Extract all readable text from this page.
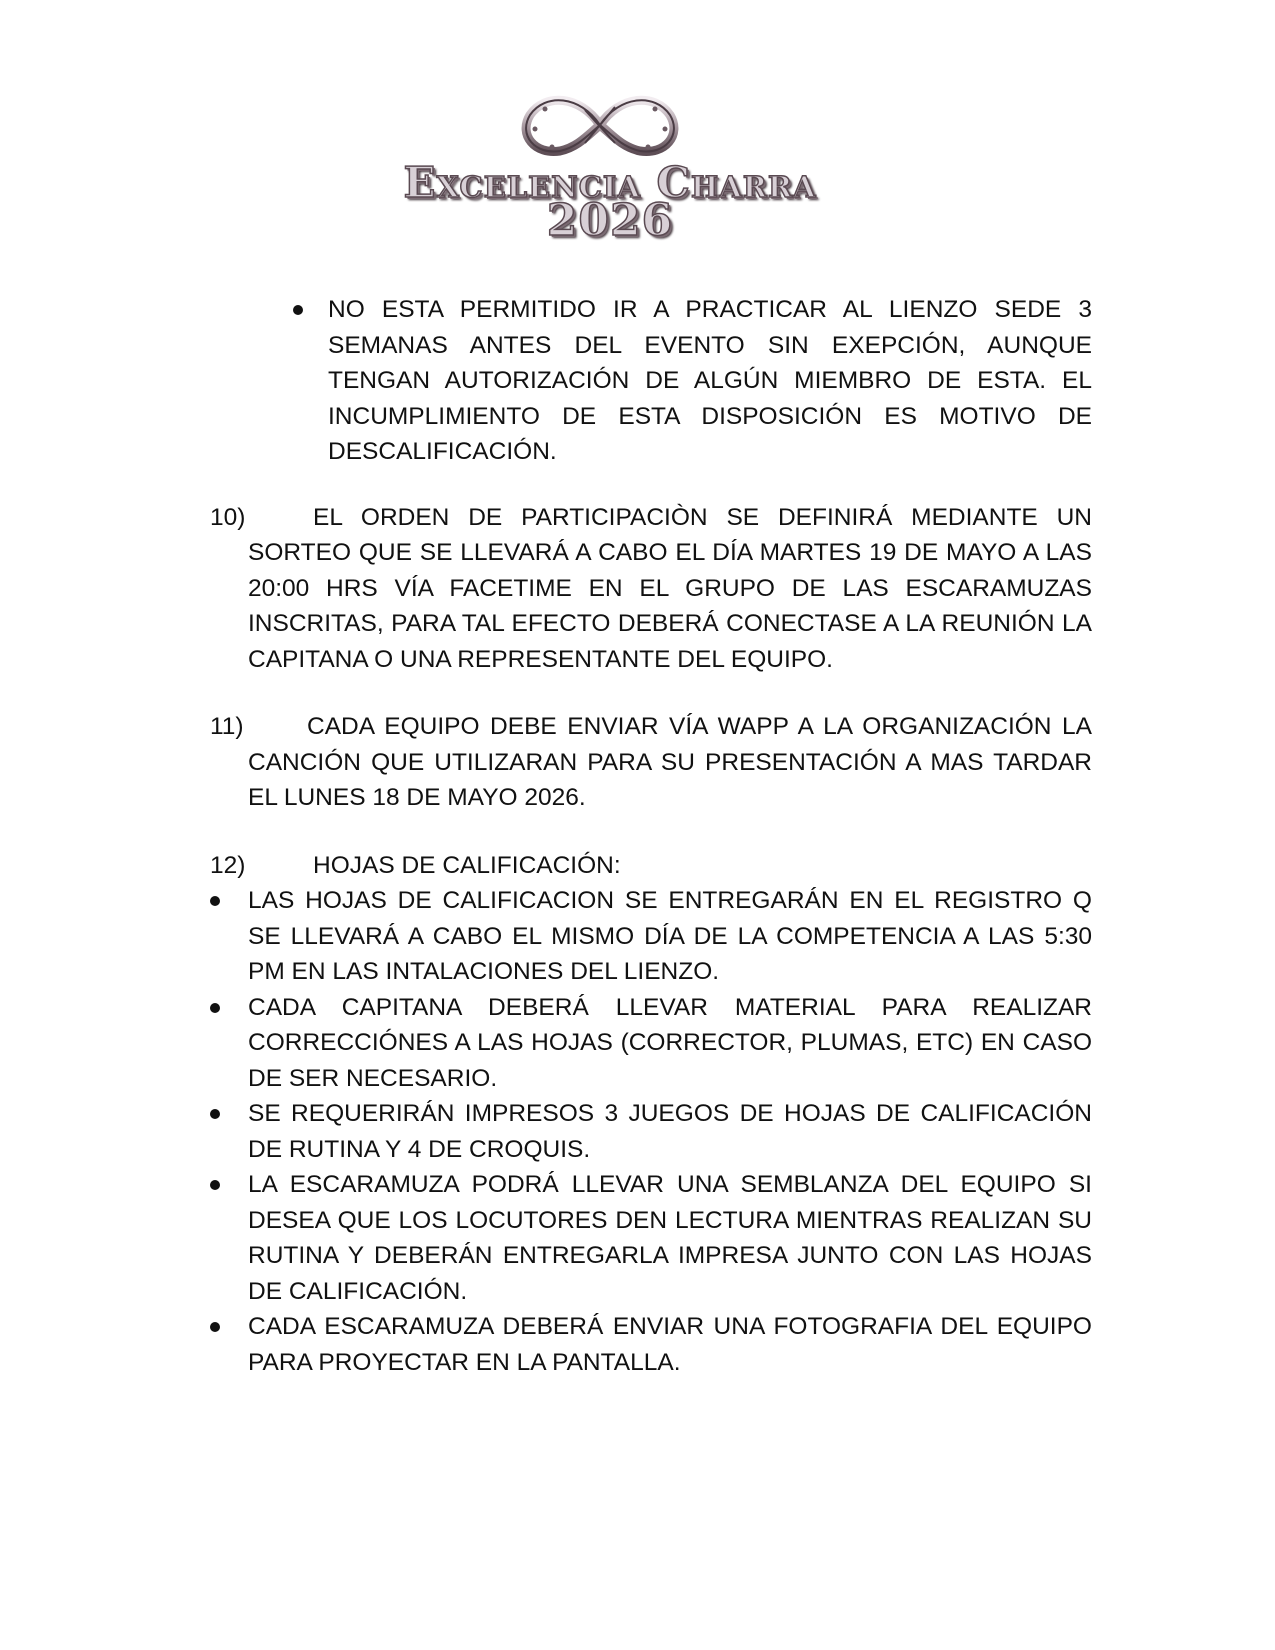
Excelencia Charra
2026

NO ESTA PERMITIDO IR A PRACTICAR AL LIENZO SEDE 3 SEMANAS ANTES DEL EVENTO SIN EXEPCIÓN, AUNQUE TENGAN AUTORIZACIÓN DE ALGÚN MIEMBRO DE ESTA. EL INCUMPLIMIENTO DE ESTA DISPOSICIÓN ES MOTIVO DE DESCALIFICACIÓN.

10)	EL ORDEN DE PARTICIPACIÒN SE DEFINIRÁ MEDIANTE UN SORTEO QUE SE LLEVARÁ A CABO EL DÍA MARTES 19 DE MAYO A LAS 20:00 HRS VÍA FACETIME EN EL GRUPO DE LAS ESCARAMUZAS INSCRITAS, PARA TAL EFECTO DEBERÁ CONECTASE A LA REUNIÓN LA CAPITANA O UNA REPRESENTANTE DEL EQUIPO.

11)	CADA EQUIPO DEBE ENVIAR VÍA WAPP A LA ORGANIZACIÓN LA CANCIÓN QUE UTILIZARAN PARA SU PRESENTACIÓN A MAS TARDAR EL LUNES 18 DE MAYO 2026.

12)	HOJAS DE CALIFICACIÓN:

LAS HOJAS DE CALIFICACION SE ENTREGARÁN EN EL REGISTRO Q SE LLEVARÁ A CABO EL MISMO DÍA DE LA COMPETENCIA A LAS 5:30 PM EN LAS INTALACIONES DEL LIENZO.

CADA CAPITANA DEBERÁ LLEVAR MATERIAL PARA REALIZAR CORRECCIÓNES A LAS HOJAS (CORRECTOR, PLUMAS, ETC) EN CASO DE SER NECESARIO.

SE REQUERIRÁN IMPRESOS 3 JUEGOS DE HOJAS DE CALIFICACIÓN DE RUTINA Y 4 DE CROQUIS.

LA ESCARAMUZA PODRÁ LLEVAR UNA SEMBLANZA DEL EQUIPO SI DESEA QUE LOS LOCUTORES DEN LECTURA MIENTRAS REALIZAN SU RUTINA Y DEBERÁN ENTREGARLA IMPRESA JUNTO CON LAS HOJAS DE CALIFICACIÓN.

CADA ESCARAMUZA DEBERÁ ENVIAR UNA FOTOGRAFIA DEL EQUIPO PARA PROYECTAR EN LA PANTALLA.
